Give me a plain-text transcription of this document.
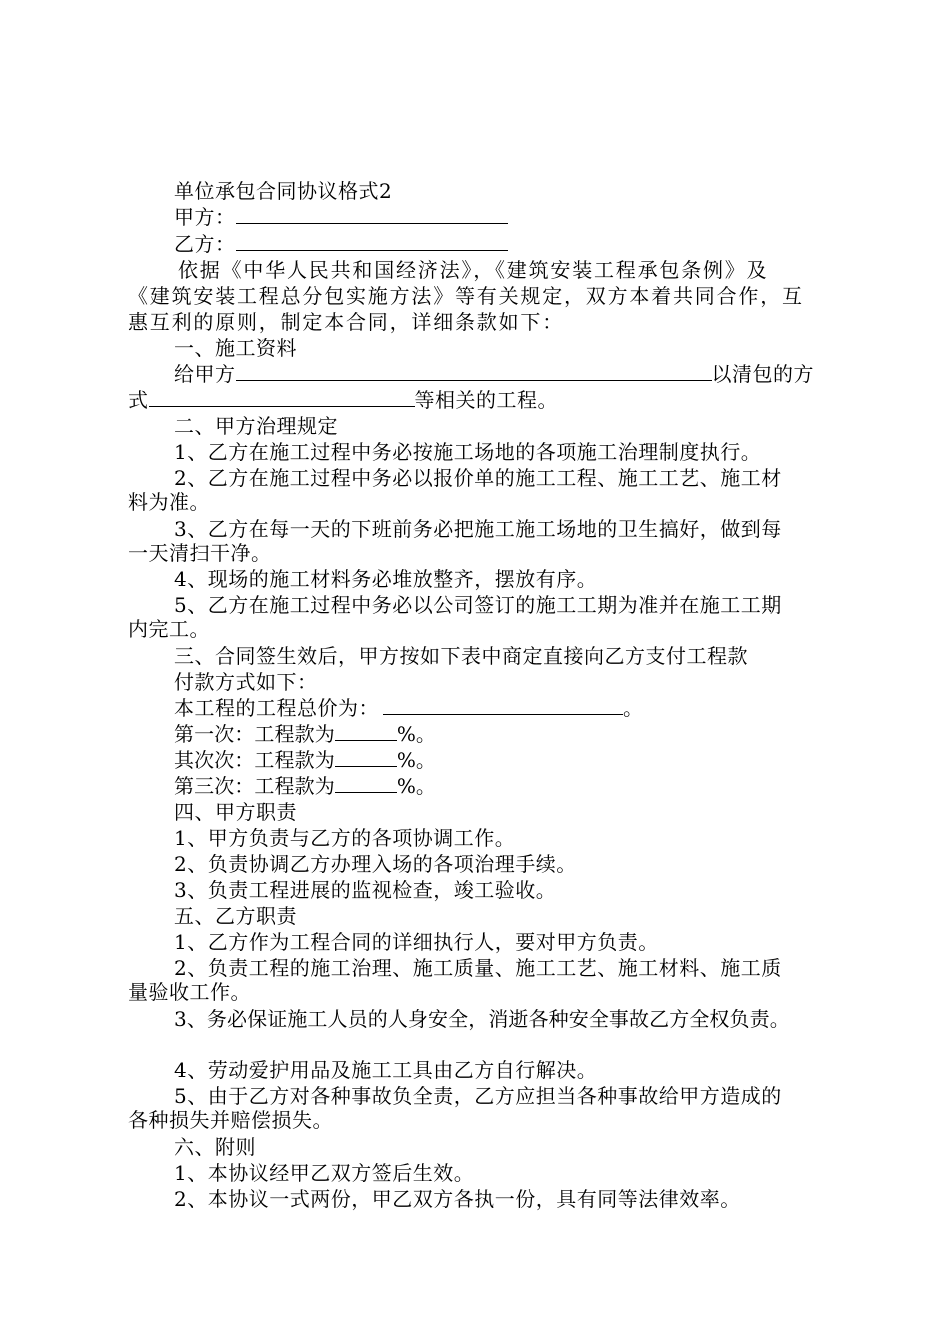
单位承包合同协议格式2
甲方：
乙方：
依据《中华人民共和国经济法》，《建筑安装工程承包条例》及
《建筑安装工程总分包实施方法》等有关规定，双方本着共同合作，互
惠互利的原则，制定本合同，详细条款如下：
一、施工资料
给甲方	以清包的方
式	等相关的工程。
二、甲方治理规定
1、乙方在施工过程中务必按施工场地的各项施工治理制度执行。
2、乙方在施工过程中务必以报价单的施工工程、施工工艺、施工材
料为准。
3、乙方在每一天的下班前务必把施工施工场地的卫生搞好，做到每
一天清扫干净。
4、现场的施工材料务必堆放整齐，摆放有序。
5、乙方在施工过程中务必以公司签订的施工工期为准并在施工工期
内完工。
三、合同签生效后，甲方按如下表中商定直接向乙方支付工程款
付款方式如下：
本工程的工程总价为：	。
第一次：工程款为	%。
其次次：工程款为	%。
第三次：工程款为	%。
四、甲方职责
1、甲方负责与乙方的各项协调工作。
2、负责协调乙方办理入场的各项治理手续。
3、负责工程进展的监视检查，竣工验收。
五、乙方职责
1、乙方作为工程合同的详细执行人，要对甲方负责。
2、负责工程的施工治理、施工质量、施工工艺、施工材料、施工质
量验收工作。
3、务必保证施工人员的人身安全，消逝各种安全事故乙方全权负责。
4、劳动爱护用品及施工工具由乙方自行解决。
5、由于乙方对各种事故负全责，乙方应担当各种事故给甲方造成的
各种损失并赔偿损失。
六、附则
1、本协议经甲乙双方签后生效。
2、本协议一式两份，甲乙双方各执一份，具有同等法律效率。
